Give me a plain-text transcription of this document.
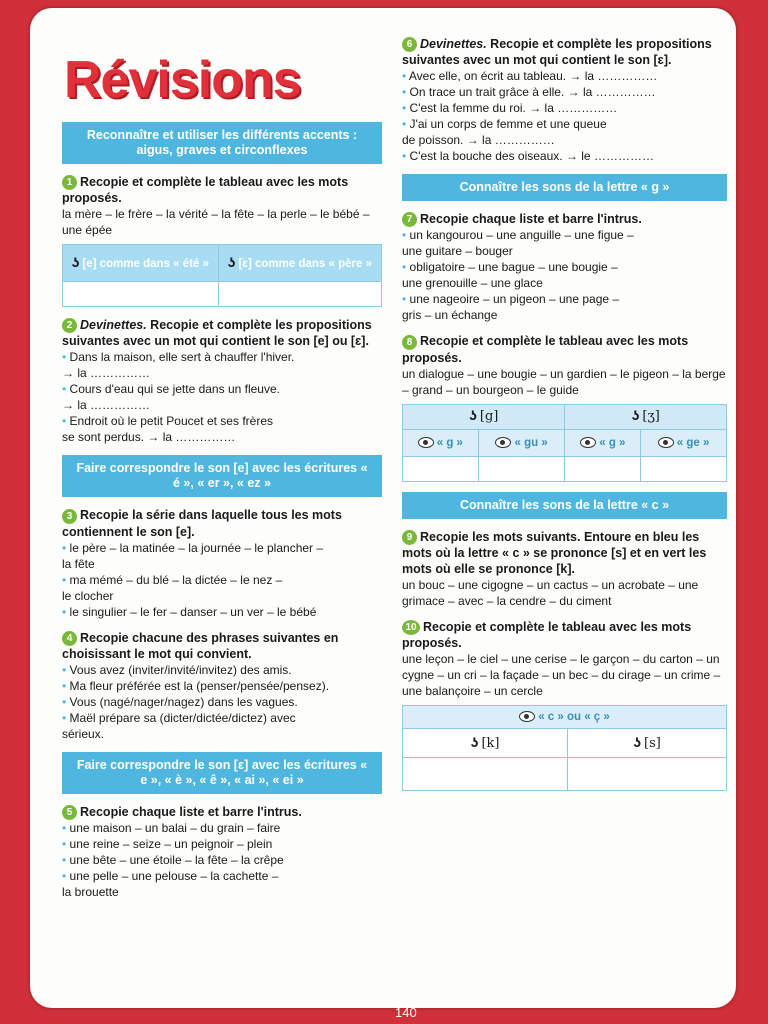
Révisions
Reconnaître et utiliser les différents accents : aigus, graves et circonflexes
1 Recopie et complète le tableau avec les mots proposés.
la mère – le frère – la vérité – la fête – la perle – le bébé – une épée
ʖ [e] comme dans « été »	ʖ [ɛ] comme dans « père »

2 Devinettes. Recopie et complète les propositions suivantes avec un mot qui contient le son [e] ou [ɛ].
• Dans la maison, elle sert à chauffer l'hiver.
→ la ……………
• Cours d'eau qui se jette dans un fleuve.
→ la ……………
• Endroit où le petit Poucet et ses frères
se sont perdus. → la ……………
Faire correspondre le son [e] avec les écritures « é », « er », « ez »
3 Recopie la série dans laquelle tous les mots contiennent le son [e].
• le père – la matinée – la journée – le plancher –
la fête
• ma mémé – du blé – la dictée – le nez –
le clocher
• le singulier – le fer – danser – un ver – le bébé
4 Recopie chacune des phrases suivantes en choisissant le mot qui convient.
• Vous avez (inviter/invité/invitez) des amis.
• Ma fleur préférée est la (penser/pensée/pensez).
• Vous (nagé/nager/nagez) dans les vagues.
• Maël prépare sa (dicter/dictée/dictez) avec
sérieux.
Faire correspondre le son [ɛ] avec les écritures « e », « è », « ê », « ai », « ei »
5 Recopie chaque liste et barre l'intrus.
• une maison – un balai – du grain – faire
• une reine – seize – un peignoir – plein
• une bête – une étoile – la fête – la crêpe
• une pelle – une pelouse – la cachette –
la brouette
6 Devinettes. Recopie et complète les propositions suivantes avec un mot qui contient le son [ɛ].
• Avec elle, on écrit au tableau. → la ……………
• On trace un trait grâce à elle. → la ……………
• C'est la femme du roi. → la ……………
• J'ai un corps de femme et une queue
de poisson. → la ……………
• C'est la bouche des oiseaux. → le ……………
Connaître les sons de la lettre « g »
7 Recopie chaque liste et barre l'intrus.
• un kangourou – une anguille – une figue –
une guitare – bouger
• obligatoire – une bague – une bougie –
une grenouille – une glace
• une nageoire – un pigeon – une page –
gris – un échange
8 Recopie et complète le tableau avec les mots proposés.
un dialogue – une bougie – un gardien – le pigeon – la berge – grand – un bourgeon – le guide
ʖ [g]		ʖ [ʒ]	
« g »	« gu »	« g »	« ge »

Connaître les sons de la lettre « c »
9 Recopie les mots suivants. Entoure en bleu les mots où la lettre « c » se prononce [s] et en vert les mots où elle se prononce [k].
un bouc – une cigogne – un cactus – un acrobate – une grimace – avec – la cendre – du ciment
10 Recopie et complète le tableau avec les mots proposés.
une leçon – le ciel – une cerise – le garçon – du carton – un cygne – un cri – la façade – un bec – du cirage – un crime – une balançoire – un cercle
« c » ou « ç »	
ʖ [k]	ʖ [s]

140
